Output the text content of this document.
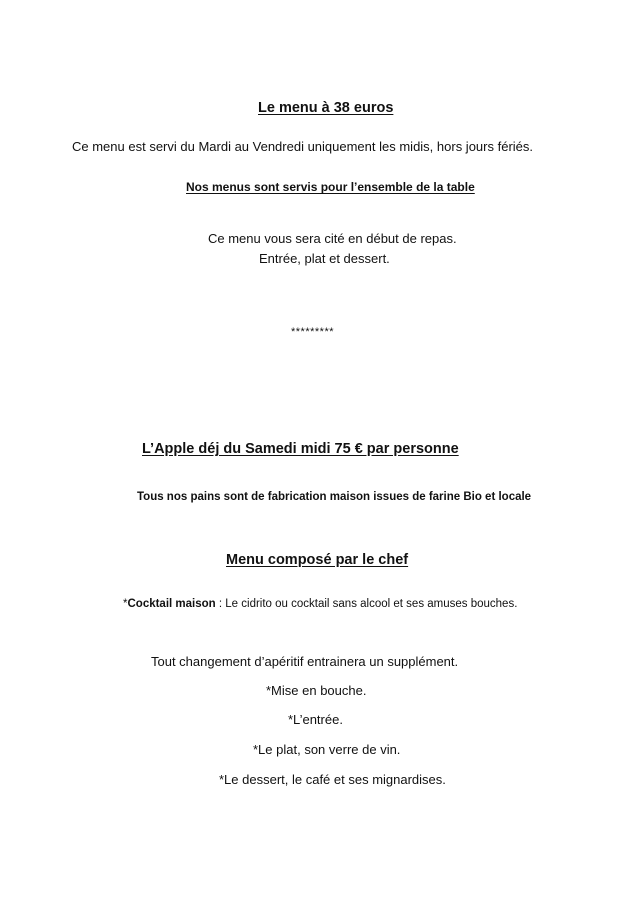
Le menu à 38 euros
Ce menu est servi du Mardi au Vendredi uniquement les midis, hors jours fériés.
Nos menus sont servis pour l’ensemble de la table
Ce menu vous sera cité en début de repas.
Entrée, plat et dessert.
*********
L’Apple déj du Samedi midi 75 € par personne
Tous nos pains sont de fabrication maison issues de farine Bio et locale
Menu composé par le chef
*Cocktail maison : Le cidrito ou cocktail sans alcool et ses amuses bouches.
Tout changement d’apéritif entrainera un supplément.
*Mise en bouche.
*L’entrée.
*Le plat, son verre de vin.
*Le dessert, le café et ses mignardises.
